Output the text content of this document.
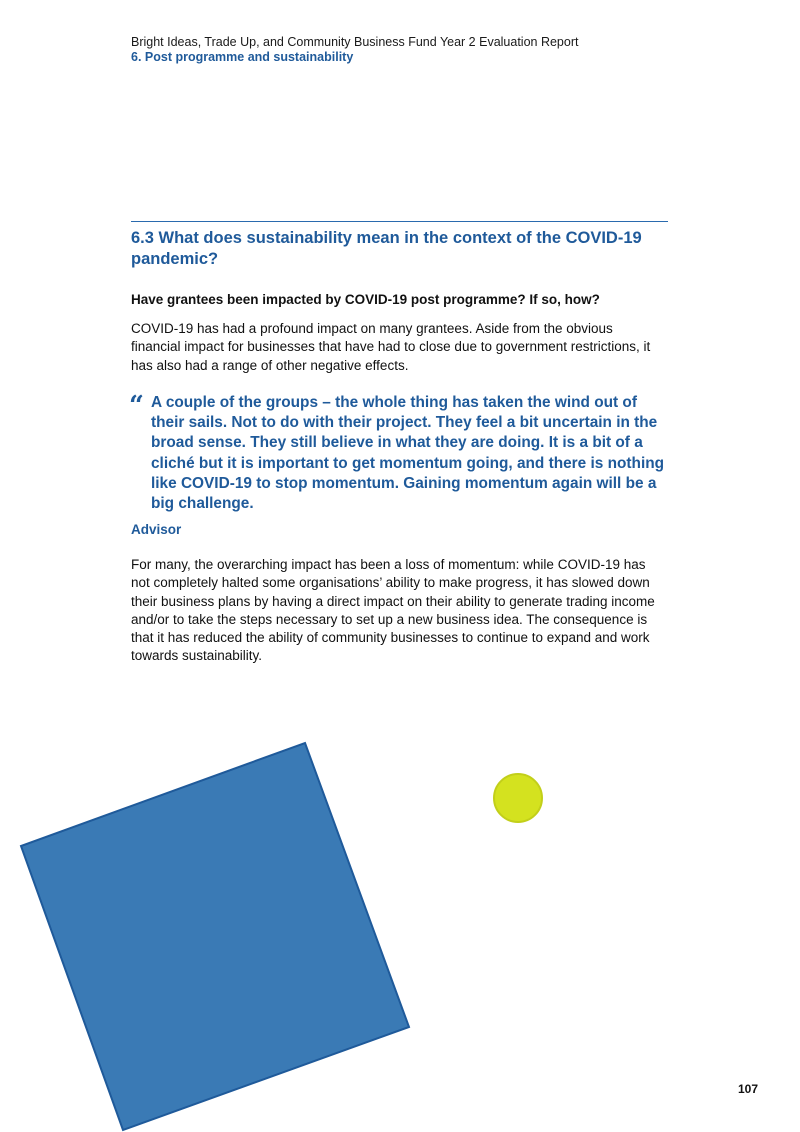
Bright Ideas, Trade Up, and Community Business Fund Year 2 Evaluation Report
6. Post programme and sustainability
6.3 What does sustainability mean in the context of the COVID-19 pandemic?

Have grantees been impacted by COVID-19 post programme? If so, how?

COVID-19 has had a profound impact on many grantees. Aside from the obvious financial impact for businesses that have had to close due to government restrictions, it has also had a range of other negative effects.

“ A couple of the groups – the whole thing has taken the wind out of their sails. Not to do with their project. They feel a bit uncertain in the broad sense. They still believe in what they are doing. It is a bit of a cliché but it is important to get momentum going, and there is nothing like COVID-19 to stop momentum. Gaining momentum again will be a big challenge.

Advisor

For many, the overarching impact has been a loss of momentum: while COVID-19 has not completely halted some organisations’ ability to make progress, it has slowed down their business plans by having a direct impact on their ability to generate trading income and/or to take the steps necessary to set up a new business idea. The consequence is that it has reduced the ability of community businesses to continue to expand and work towards sustainability.

107
